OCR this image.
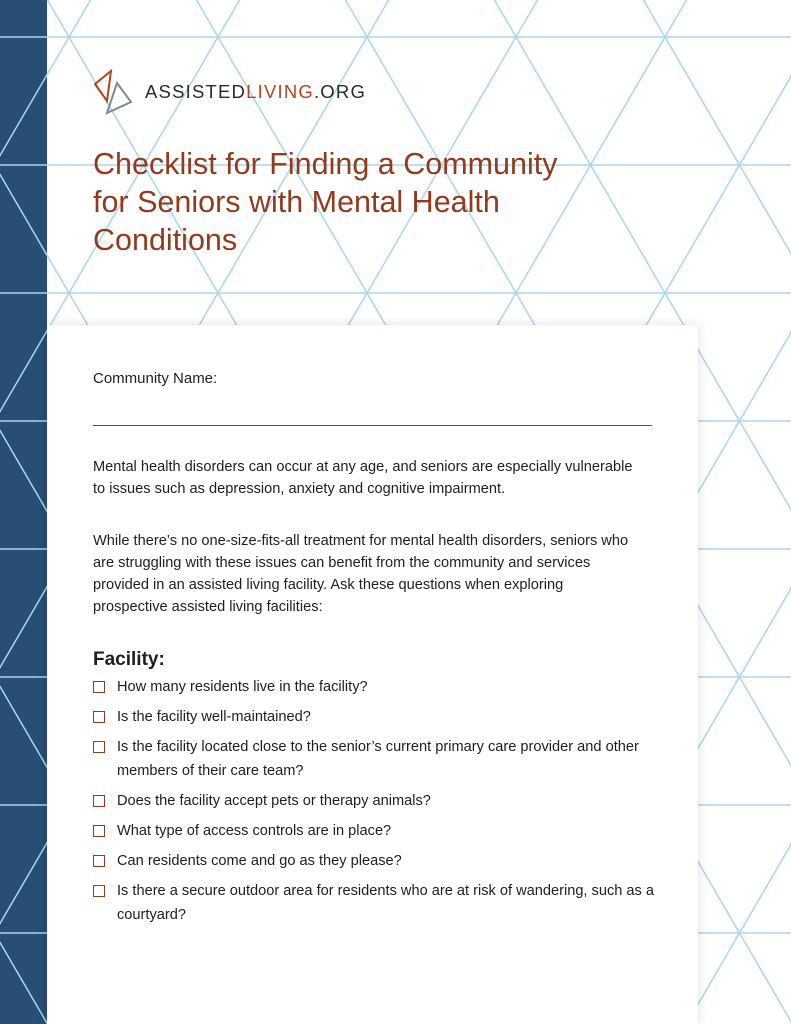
ASSISTEDLIVING.ORG
Checklist for Finding a Community for Seniors with Mental Health Conditions
Community Name:

Mental health disorders can occur at any age, and seniors are especially vulnerable to issues such as depression, anxiety and cognitive impairment.

While there’s no one-size-fits-all treatment for mental health disorders, seniors who are struggling with these issues can benefit from the community and services provided in an assisted living facility. Ask these questions when exploring prospective assisted living facilities:

Facility:
How many residents live in the facility?
Is the facility well-maintained?
Is the facility located close to the senior’s current primary care provider and other members of their care team?
Does the facility accept pets or therapy animals?
What type of access controls are in place?
Can residents come and go as they please?
Is there a secure outdoor area for residents who are at risk of wandering, such as a courtyard?
